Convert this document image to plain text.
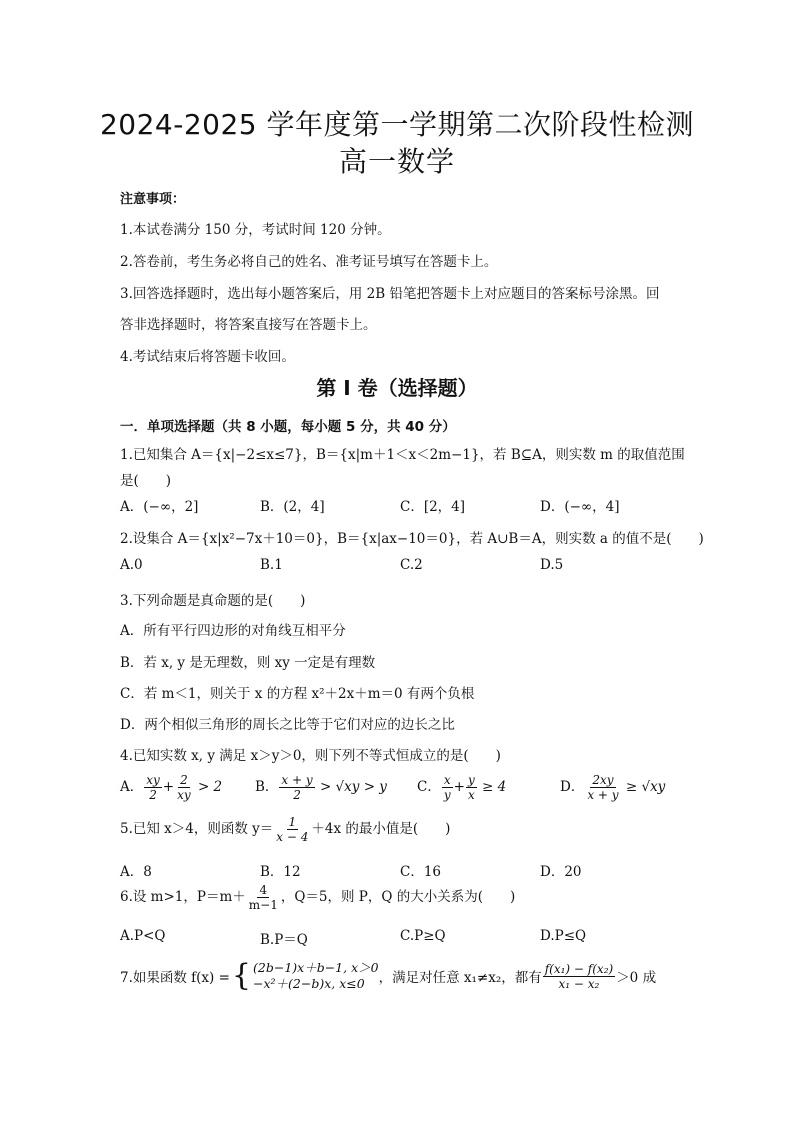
2024-2025 学年度第一学期第二次阶段性检测
高一数学
注意事项：
1.本试卷满分 150 分，考试时间 120 分钟。
2.答卷前，考生务必将自己的姓名、准考证号填写在答题卡上。
3.回答选择题时，选出每小题答案后，用 2B 铅笔把答题卡上对应题目的答案标号涂黑。回
答非选择题时，将答案直接写在答题卡上。
4.考试结束后将答题卡收回。
第 I 卷（选择题）
一．单项选择题（共 8 小题，每小题 5 分，共 40 分）
1.已知集合 A＝{x|−2≤x≤7}，B＝{x|m＋1＜x＜2m−1}，若 B⊆A，则实数 m 的取值范围
是(　　)
A．(−∞，2]	B．(2，4]	C．[2，4]	D．(−∞，4]
2.设集合 A＝{x|x²−7x＋10＝0}，B＝{x|ax−10＝0}，若 A∪B＝A，则实数 a 的值不是(　　)
A.0	B.1	C.2	D.5
3.下列命题是真命题的是(　　)
A．所有平行四边形的对角线互相平分
B．若 x, y 是无理数，则 xy 一定是有理数
C．若 m＜1，则关于 x 的方程 x²＋2x＋m＝0 有两个负根
D．两个相似三角形的周长之比等于它们对应的边长之比
4.已知实数 x, y 满足 x＞y＞0，则下列不等式恒成立的是(　　)
A． $\frac{xy}{2} + \frac{2}{xy} > 2$ B． $\frac{x + y}{2} > √xy > y$ C． $\frac{x}{y} + \frac{y}{x} \ge 4$	D． $\frac{2xy}{x + y} \ge √xy$
5.已知 x＞4，则函数 $y= \frac{1}{x - 4} +4x$ 的最小值是(　　)
A．8	B．12	C．16	D．20
6.设 m>1，$P=m+ \frac{4}{m-1}$ ，Q＝5，则 P，Q 的大小关系为(　　)
A.P<Q	B.P＝Q	C.P≥Q	D.P≤Q
7.如果函数 f(x) = { (2b−1)x＋b−1, x＞0
−x²＋(2−b)x, x≤0	，满足对任意 x₁≠x₂，都有 $\frac{\text{f(x₁) − f(x₂)}}{\text{x₁ − x₂}} >0$ 成
